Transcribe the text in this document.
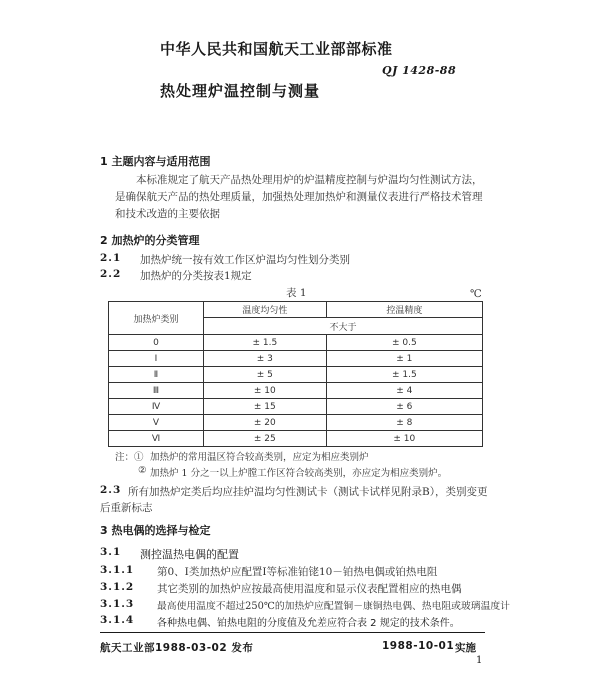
中华人民共和国航天工业部部标准
QJ 1428-88
热处理炉温控制与测量
1 主题内容与适用范围
本标准规定了航天产品热处理用炉的炉温精度控制与炉温均匀性测试方法，是确保航天产品的热处理质量，加强热处理加热炉和测量仪表进行严格技术管理和技术改造的主要依据
2 加热炉的分类管理
2.1 加热炉统一按有效工作区炉温均匀性划分类别
2.2 加热炉的分类按表1规定
表 1	℃
加热炉类别	温度均匀性	控温精度
	不大于	
0	± 1.5	± 0.5
Ⅰ	± 3	± 1
Ⅱ	± 5	± 1.5
Ⅲ	± 10	± 4
Ⅳ	± 15	± 6
Ⅴ	± 20	± 8
Ⅵ	± 25	± 10
注：① 加热炉的常用温区符合较高类别，应定为相应类别炉
② 加热炉 1 分之一以上炉膛工作区符合较高类别，亦应定为相应类别炉。
2.3 所有加热炉定类后均应挂炉温均匀性测试卡（测试卡试样见附录B），类别变更
后重新标志
3 热电偶的选择与检定
3.1 测控温热电偶的配置
3.1.1 第0、Ⅰ类加热炉应配置Ⅰ等标准铂铑10－铂热电偶或铂热电阻
3.1.2 其它类别的加热炉应按最高使用温度和显示仪表配置相应的热电偶
3.1.3 最高使用温度不超过250℃的加热炉应配置铜－康铜热电偶、热电阻或玻璃温度计
3.1.4 各种热电偶、铂热电阻的分度值及允差应符合表 2 规定的技术条件。
航天工业部1988-03-02 发布	1988-10-01 实施
1
